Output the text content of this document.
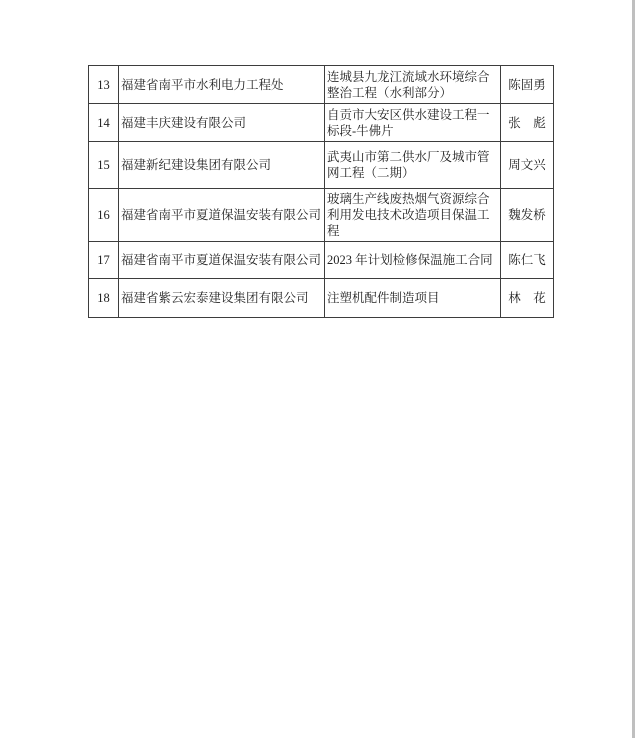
13	福建省南平市水利电力工程处	连城县九龙江流域水环境综合整治工程（水利部分）	陈固勇
14	福建丰庆建设有限公司	自贡市大安区供水建设工程一标段-牛佛片	张　彪
15	福建新纪建设集团有限公司	武夷山市第二供水厂及城市管网工程（二期）	周文兴
16	福建省南平市夏道保温安装有限公司	玻璃生产线废热烟气资源综合利用发电技术改造项目保温工程	魏发桥
17	福建省南平市夏道保温安装有限公司	2023 年计划检修保温施工合同	陈仁飞
18	福建省紫云宏泰建设集团有限公司	注塑机配件制造项目	林　花
